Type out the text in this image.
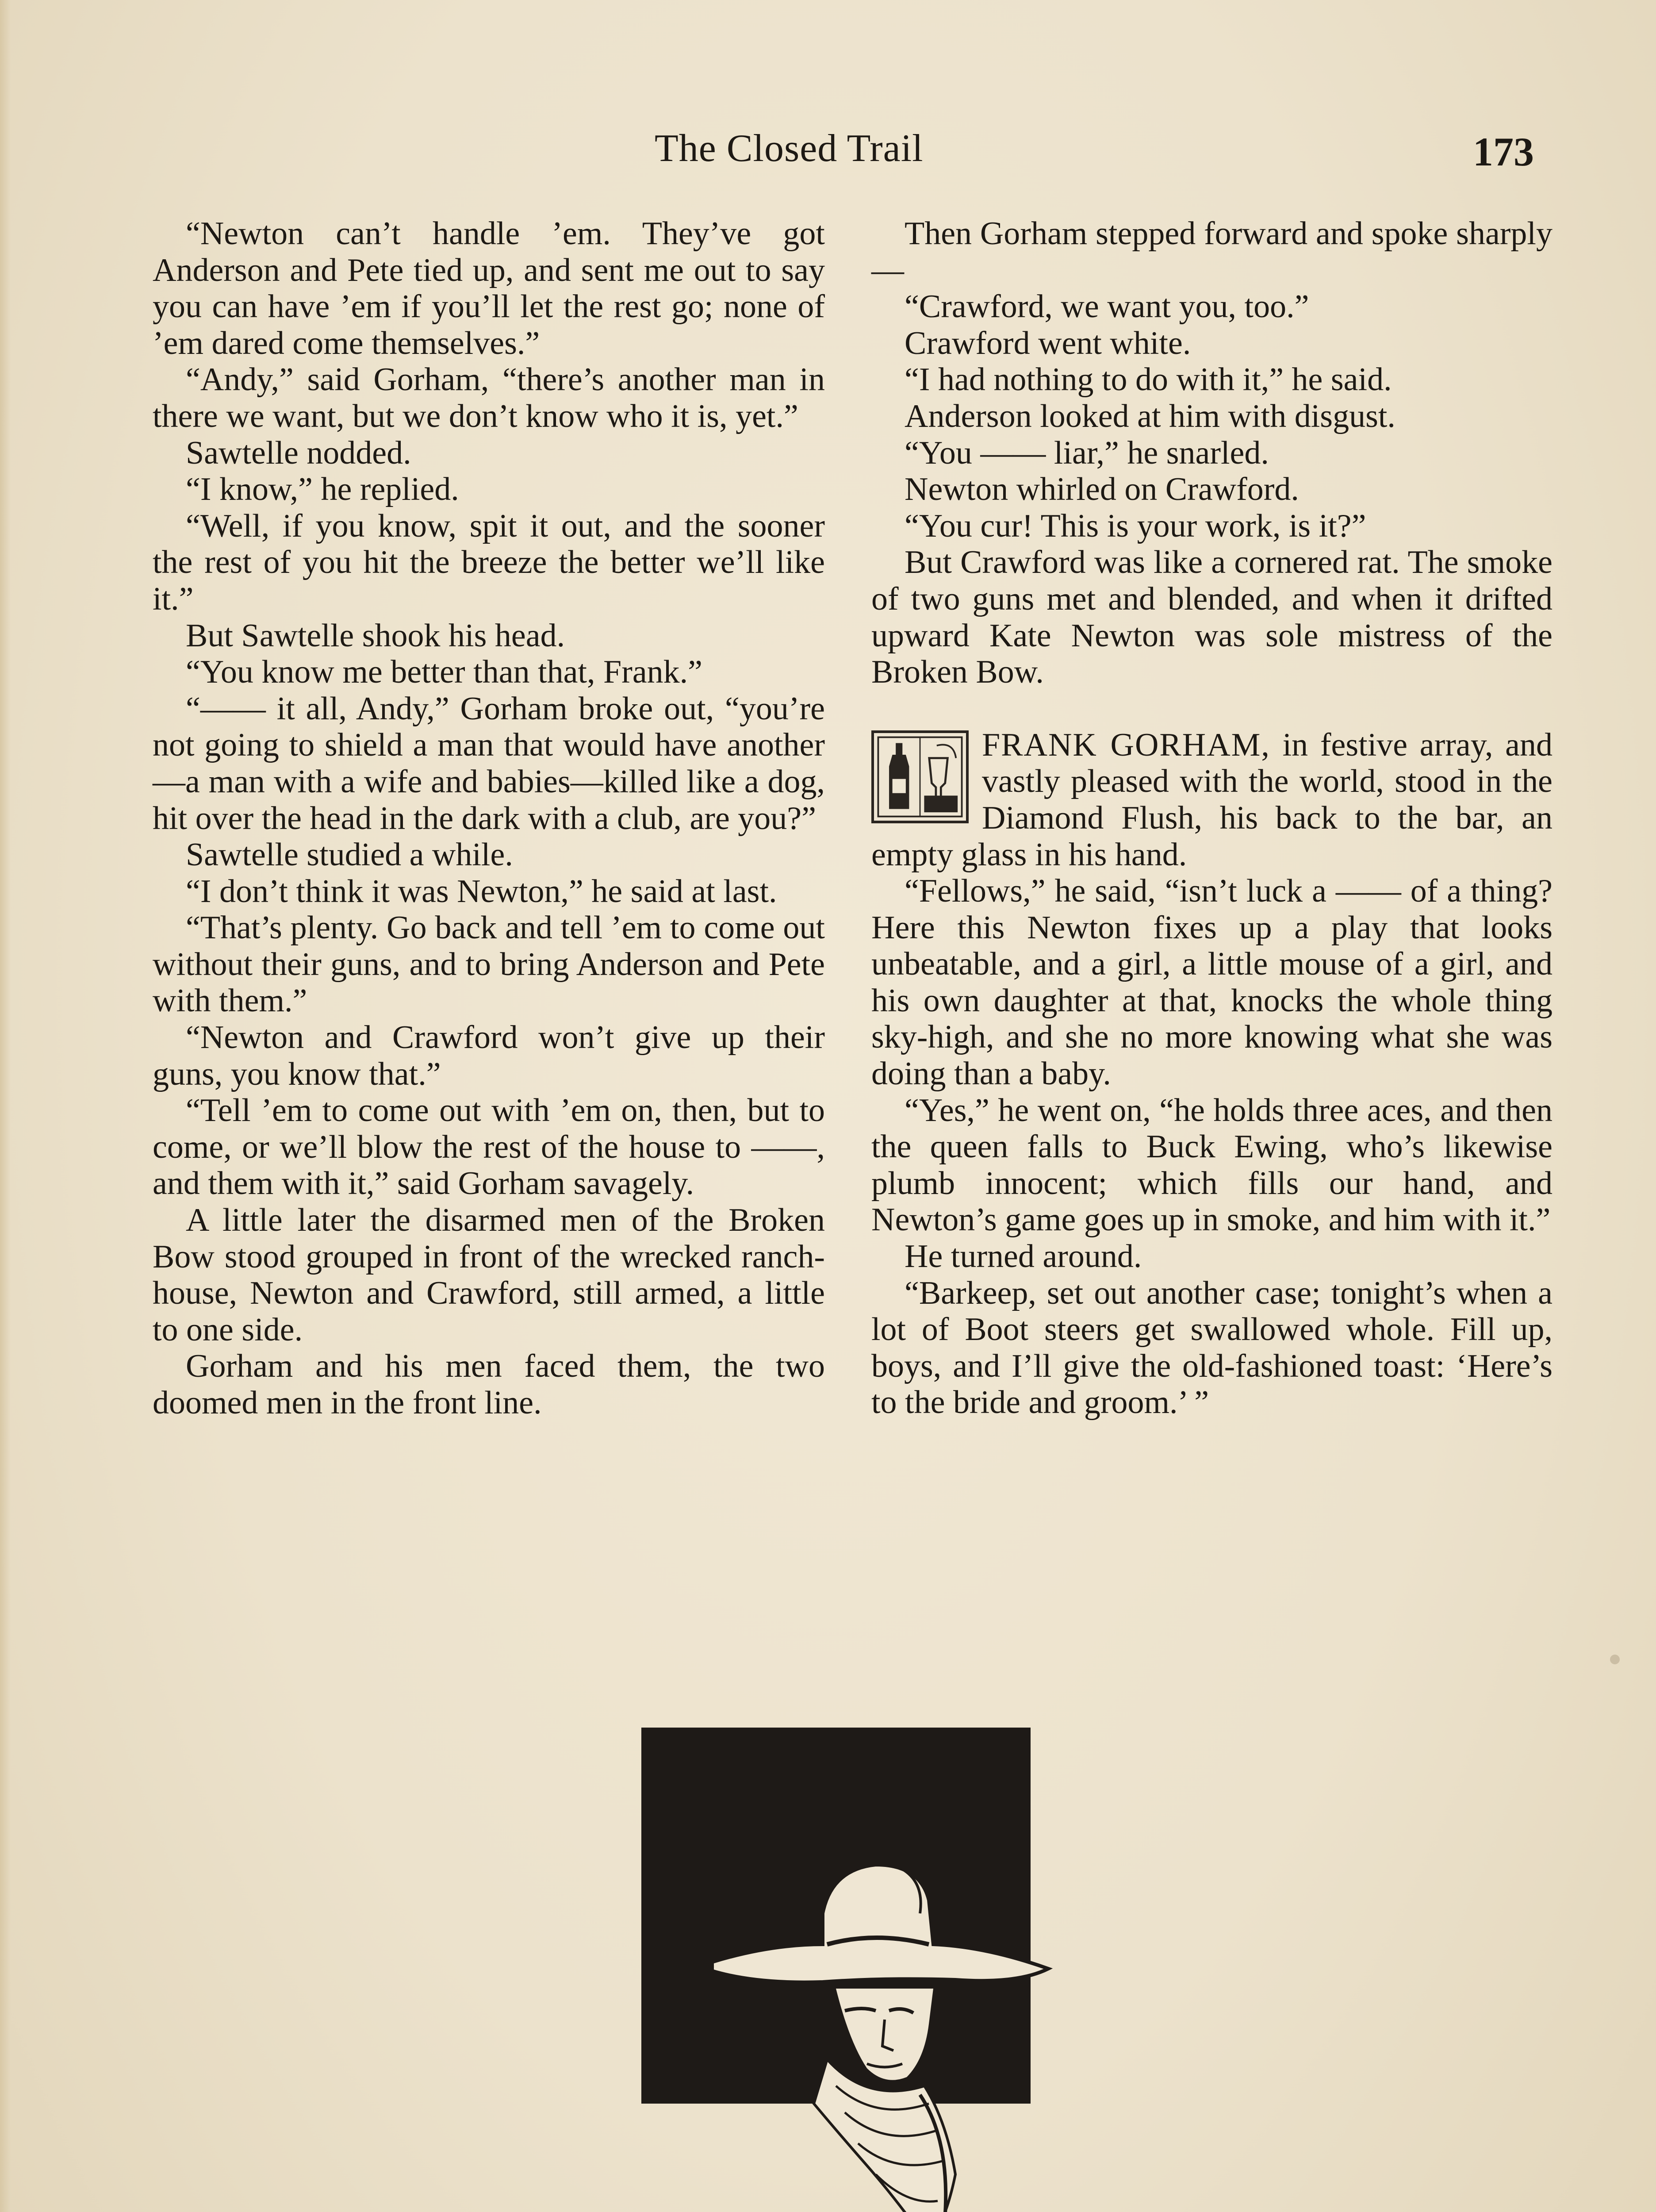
The Closed Trail	173

“Newton can’t handle ’em. They’ve got Anderson and Pete tied up, and sent me out to say you can have ’em if you’ll let the rest go; none of ’em dared come themselves.”

“Andy,” said Gorham, “there’s another man in there we want, but we don’t know who it is, yet.”

Sawtelle nodded.

“I know,” he replied.

“Well, if you know, spit it out, and the sooner the rest of you hit the breeze the better we’ll like it.”

But Sawtelle shook his head.

“You know me better than that, Frank.”

“—— it all, Andy,” Gorham broke out, “you’re not going to shield a man that would have another—a man with a wife and babies—killed like a dog, hit over the head in the dark with a club, are you?”

Sawtelle studied a while.

“I don’t think it was Newton,” he said at last.

“That’s plenty. Go back and tell ’em to come out without their guns, and to bring Anderson and Pete with them.”

“Newton and Crawford won’t give up their guns, you know that.”

“Tell ’em to come out with ’em on, then, but to come, or we’ll blow the rest of the house to ——, and them with it,” said Gorham savagely.

A little later the disarmed men of the Broken Bow stood grouped in front of the wrecked ranch-house, Newton and Crawford, still armed, a little to one side.

Gorham and his men faced them, the two doomed men in the front line.

Then Gorham stepped forward and spoke sharply—

“Crawford, we want you, too.”

Crawford went white.

“I had nothing to do with it,” he said.

Anderson looked at him with disgust.

“You —— liar,” he snarled.

Newton whirled on Crawford.

“You cur! This is your work, is it?”

But Crawford was like a cornered rat. The smoke of two guns met and blended, and when it drifted upward Kate Newton was sole mistress of the Broken Bow.

FRANK GORHAM, in festive array, and vastly pleased with the world, stood in the Diamond Flush, his back to the bar, an empty glass in his hand.

“Fellows,” he said, “isn’t luck a —— of a thing? Here this Newton fixes up a play that looks unbeatable, and a girl, a little mouse of a girl, and his own daughter at that, knocks the whole thing sky-high, and she no more knowing what she was doing than a baby.

“Yes,” he went on, “he holds three aces, and then the queen falls to Buck Ewing, who’s likewise plumb innocent; which fills our hand, and Newton’s game goes up in smoke, and him with it.”

He turned around.

“Barkeep, set out another case; tonight’s when a lot of Boot steers get swallowed whole. Fill up, boys, and I’ll give the old-fashioned toast: ‘Here’s to the bride and groom.’ ”
